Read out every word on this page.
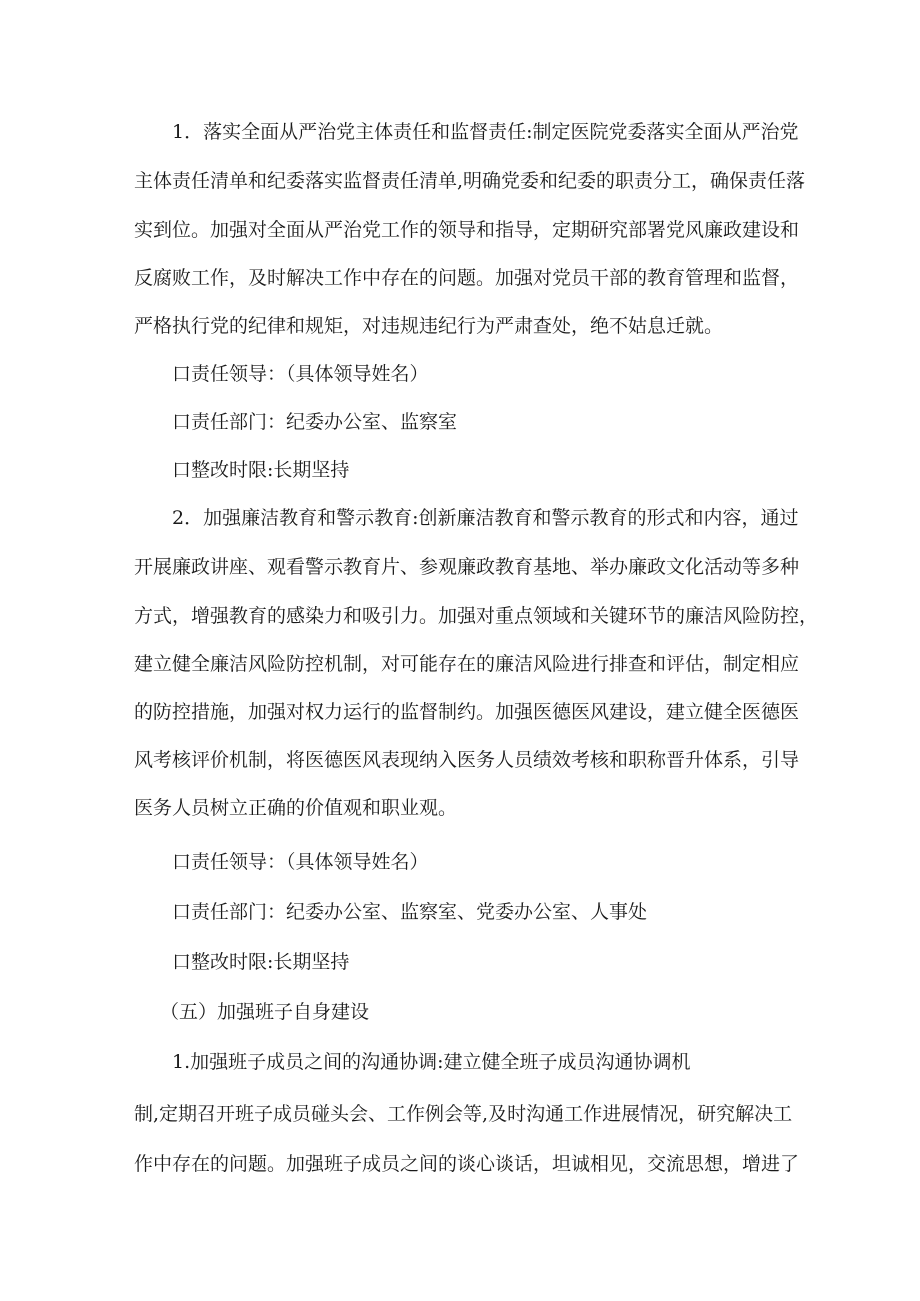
1．落实全面从严治党主体责任和监督责任:制定医院党委落实全面从严治党
主体责任清单和纪委落实监督责任清单,明确党委和纪委的职责分工，确保责任落
实到位。加强对全面从严治党工作的领导和指导，定期研究部署党风廉政建设和
反腐败工作，及时解决工作中存在的问题。加强对党员干部的教育管理和监督，
严格执行党的纪律和规矩，对违规违纪行为严肃查处，绝不姑息迁就。
口责任领导：（具体领导姓名）
口责任部门：纪委办公室、监察室
口整改时限:长期坚持
2．加强廉洁教育和警示教育:创新廉洁教育和警示教育的形式和内容，通过
开展廉政讲座、观看警示教育片、参观廉政教育基地、举办廉政文化活动等多种
方式，增强教育的感染力和吸引力。加强对重点领域和关键环节的廉洁风险防控，
建立健全廉洁风险防控机制，对可能存在的廉洁风险进行排查和评估，制定相应
的防控措施，加强对权力运行的监督制约。加强医德医风建设，建立健全医德医
风考核评价机制，将医德医风表现纳入医务人员绩效考核和职称晋升体系，引导
医务人员树立正确的价值观和职业观。
口责任领导：（具体领导姓名）
口责任部门：纪委办公室、监察室、党委办公室、人事处
口整改时限:长期坚持
（五）加强班子自身建设
1.加强班子成员之间的沟通协调:建立健全班子成员沟通协调机
制,定期召开班子成员碰头会、工作例会等,及时沟通工作进展情况，研究解决工
作中存在的问题。加强班子成员之间的谈心谈话，坦诚相见，交流思想，增进了
